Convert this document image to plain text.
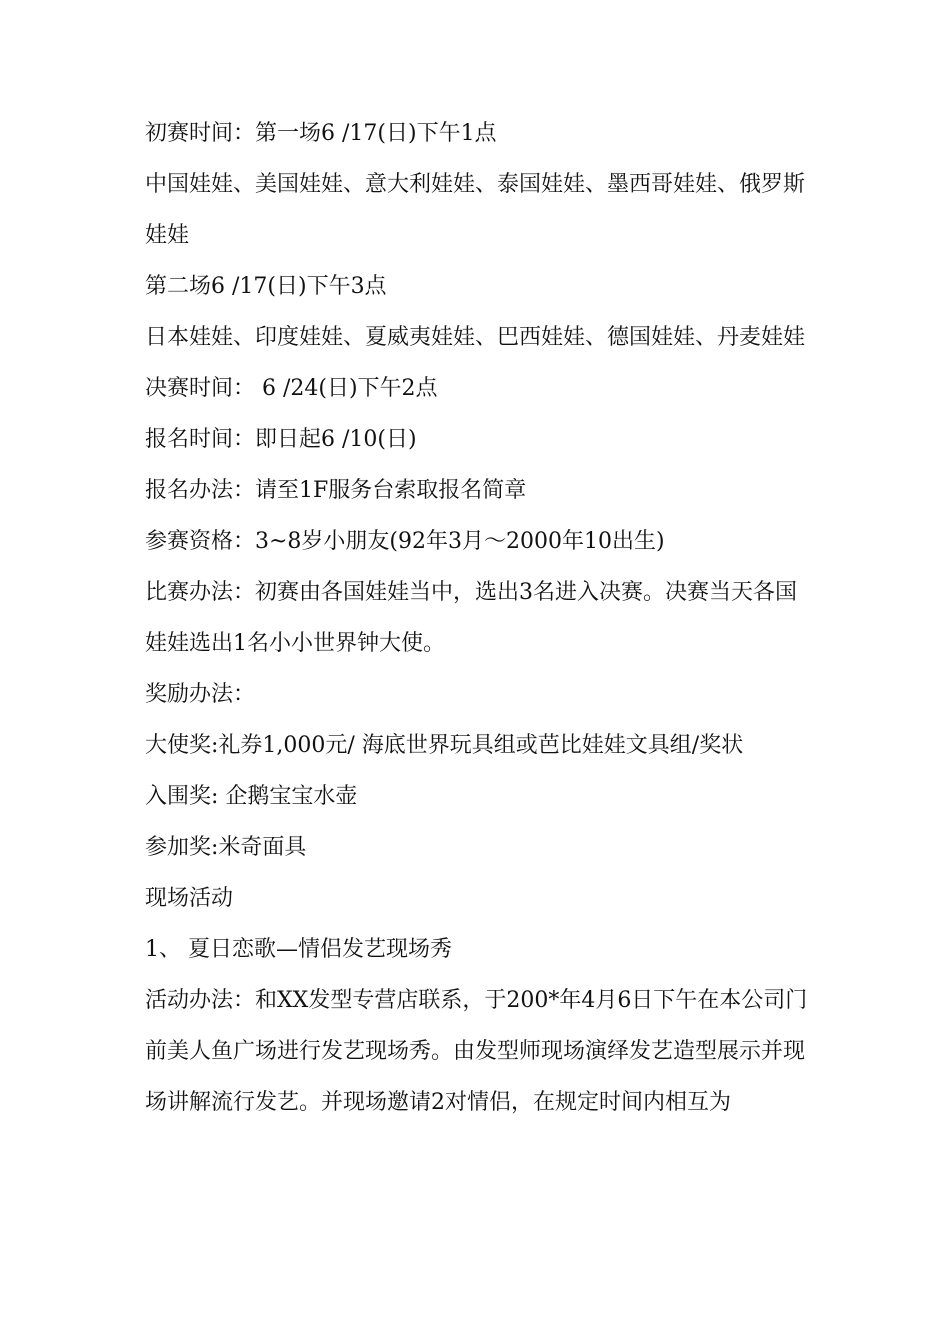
初赛时间：第一场6 /17(日)下午1点

中国娃娃、美国娃娃、意大利娃娃、泰国娃娃、墨西哥娃娃、俄罗斯娃娃

第二场6 /17(日)下午3点

日本娃娃、印度娃娃、夏威夷娃娃、巴西娃娃、德国娃娃、丹麦娃娃

决赛时间： 6 /24(日)下午2点

报名时间：即日起6 /10(日)

报名办法：请至1F服务台索取报名简章

参赛资格：3~8岁小朋友(92年3月～2000年10出生)

比赛办法：初赛由各国娃娃当中，选出3名进入决赛。决赛当天各国娃娃选出1名小小世界钟大使。

奖励办法：

大使奖:礼券1,000元/ 海底世界玩具组或芭比娃娃文具组/奖状

入围奖: 企鹅宝宝水壶

参加奖:米奇面具

现场活动

1、 夏日恋歌—情侣发艺现场秀

活动办法：和XX发型专营店联系，于200*年4月6日下午在本公司门前美人鱼广场进行发艺现场秀。由发型师现场演绎发艺造型展示并现场讲解流行发艺。并现场邀请2对情侣，在规定时间内相互为
